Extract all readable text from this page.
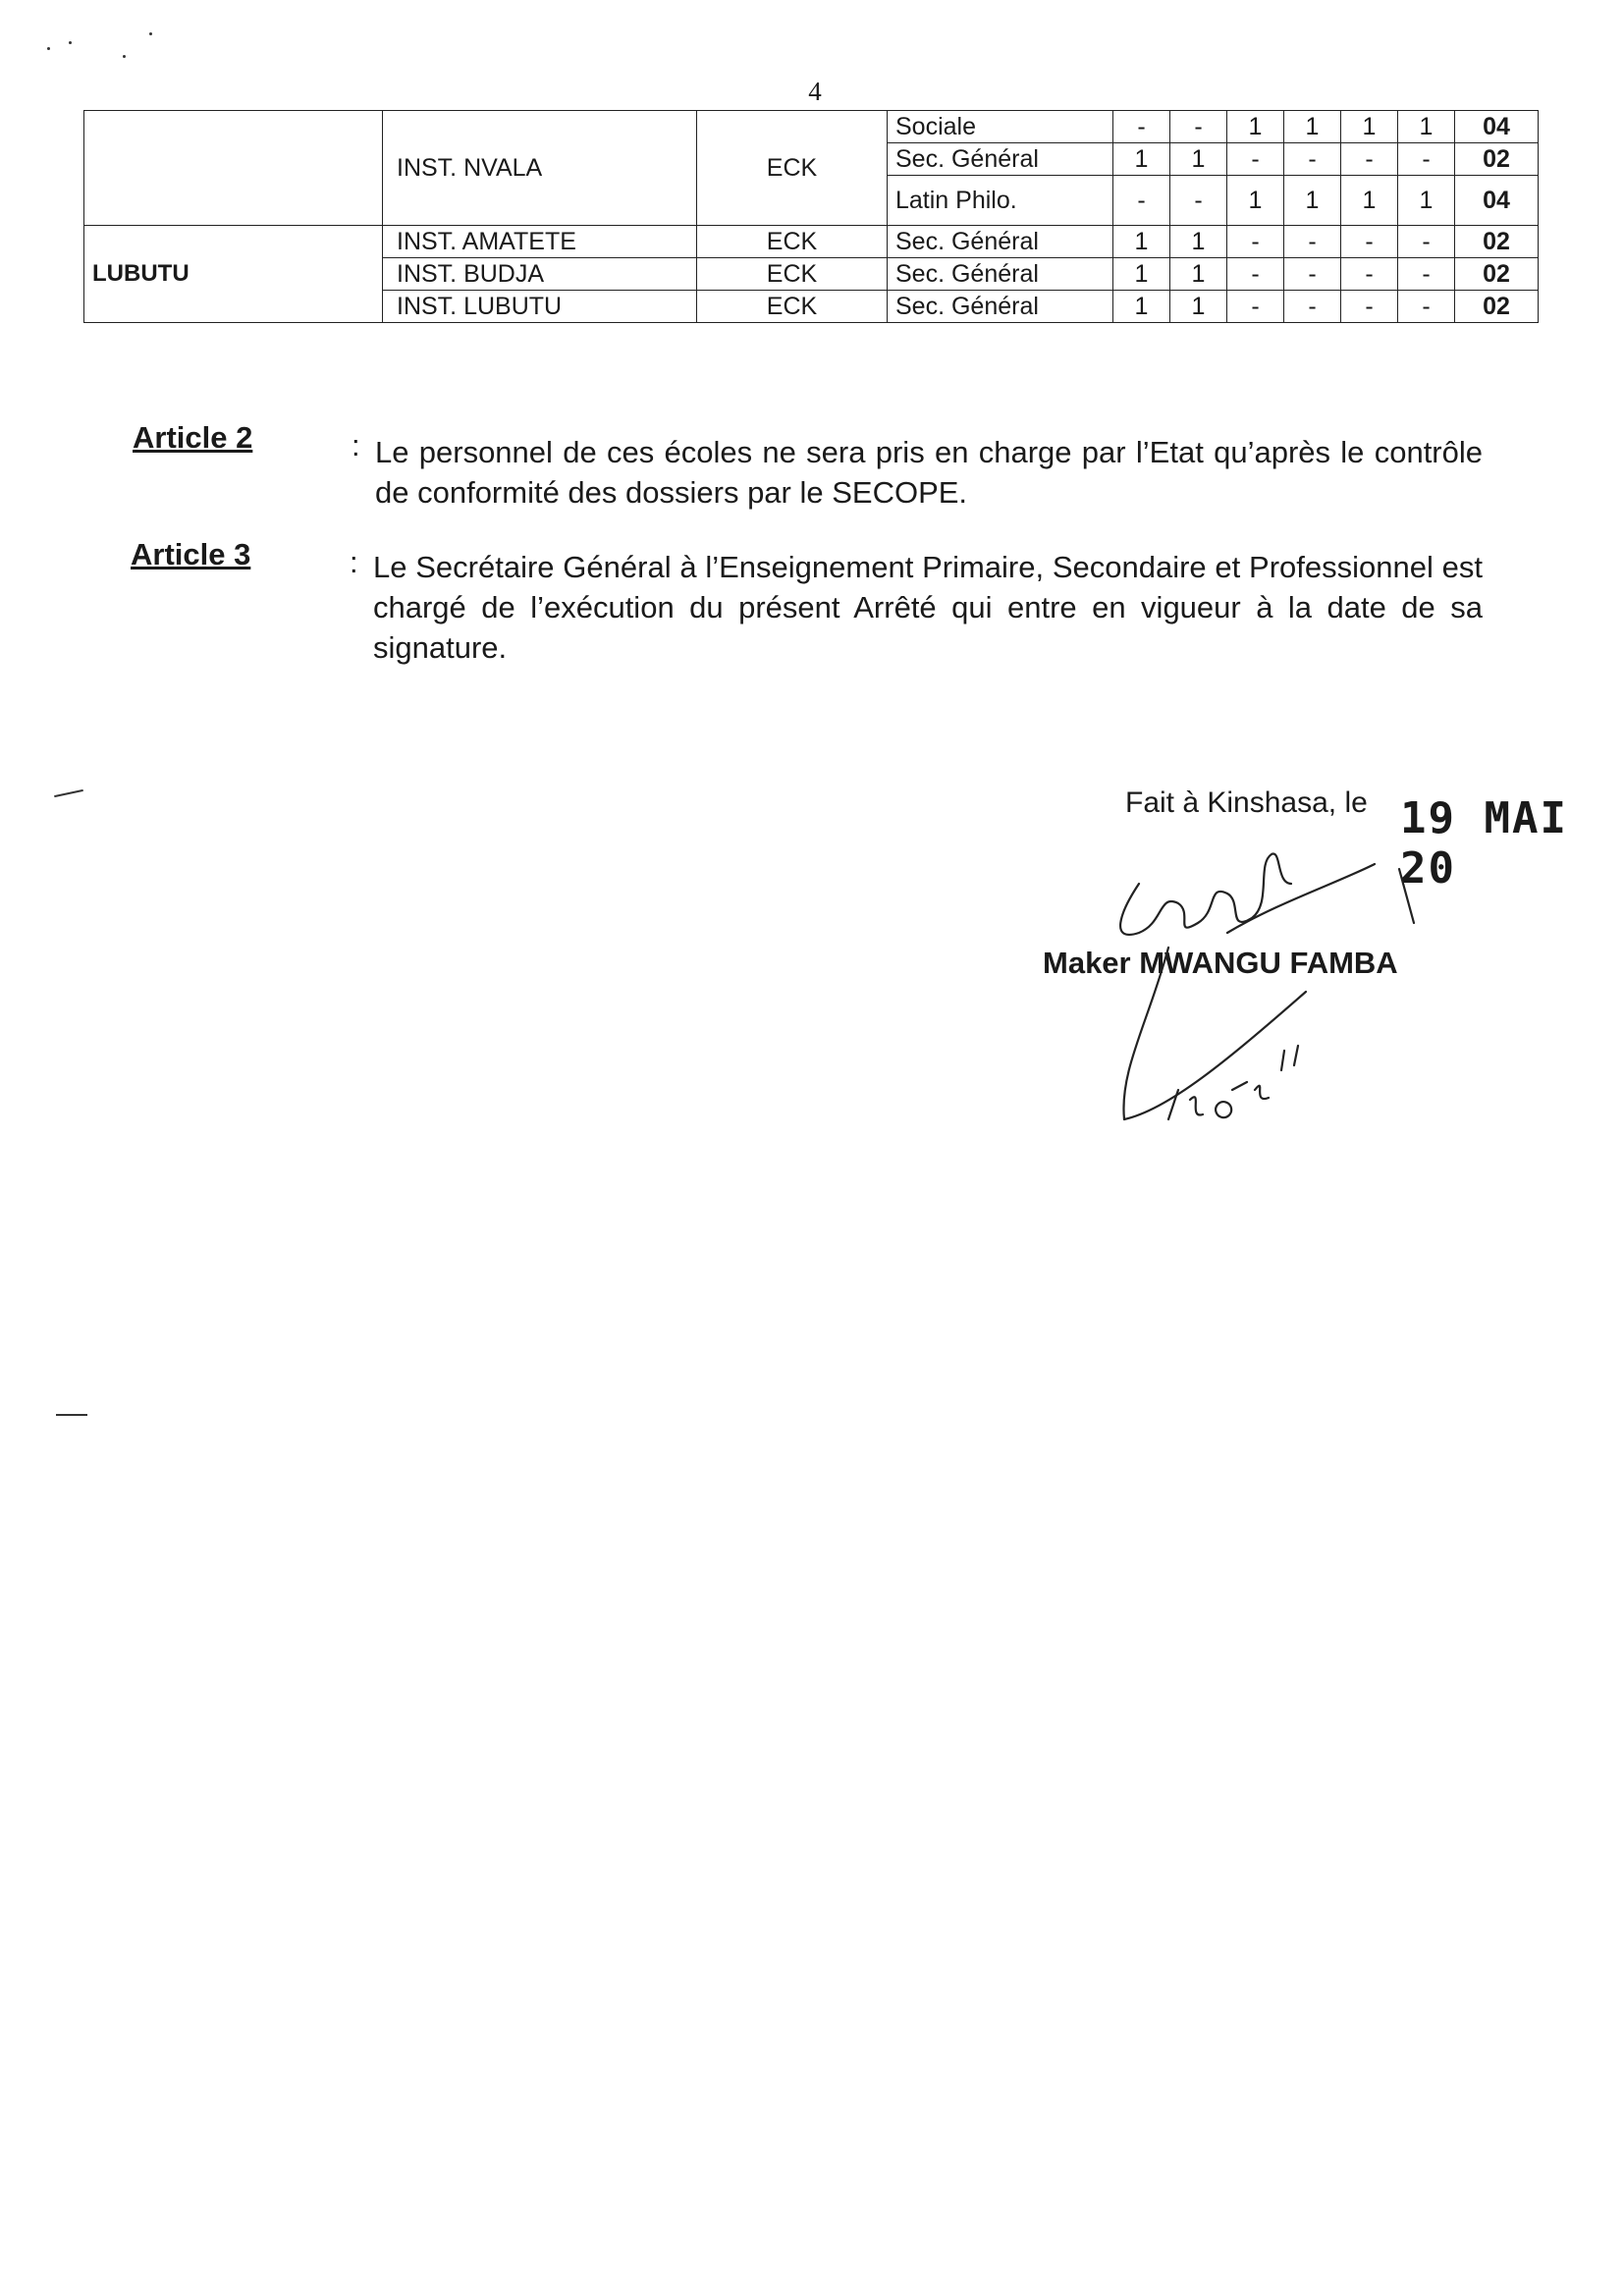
4
	INST. NVALA	ECK	Sociale	-	-	1	1	1	1	04
			Sec. Général	1	1	-	-	-	-	02
			Latin Philo.	-	-	1	1	1	1	04
LUBUTU	INST. AMATETE	ECK	Sec. Général	1	1	-	-	-	-	02
	INST. BUDJA	ECK	Sec. Général	1	1	-	-	-	-	02
	INST. LUBUTU	ECK	Sec. Général	1	1	-	-	-	-	02
Article 2	: Le personnel de ces écoles ne sera pris en charge par l’Etat qu’après le contrôle de conformité des dossiers par le SECOPE.
Article 3	: Le Secrétaire Général à l’Enseignement Primaire, Secondaire et Professionnel est chargé de l’exécution du présent Arrêté qui entre en vigueur à la date de sa signature.
Fait à Kinshasa, le 19 MAI 20
Maker MWANGU FAMBA
